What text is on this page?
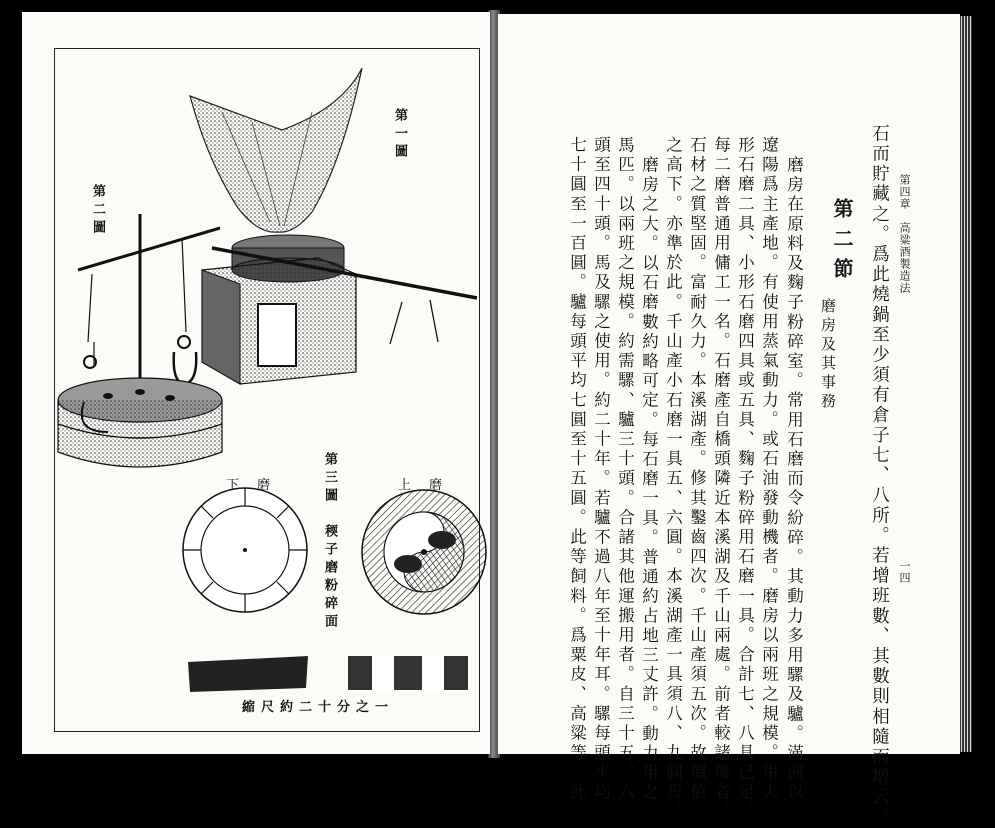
第一圖
第二圖
第三圖　稬子磨粉碎面	上磨
下磨
縮尺約二十分之一
第四章　高粱酒製造法
一四
石而貯藏之。爲此燒鍋至少須有倉子七、八所。若增班數、其數則相隨而增云。
第二節
磨房及其事務
磨房在原料及麴子粉碎室。常用石磨而令紛碎。其動力多用騾及驢。滿洲以
遼陽爲主產地。有使用蒸氣動力。或石油發動機者。磨房以兩班之規模。用大
形石磨二具、小形石磨四具或五具、麴子粉碎用石磨一具。合計七、八具已足。
每二磨普通用傭工一名。石磨產自橋頭隣近本溪湖及千山兩處。前者較諸後者。
石材之質堅固。富耐久力。本溪湖產。修其鑿齒四次。千山產須五次。故價値
之高下。亦準於此。千山產小石磨一具五、六圓。本溪湖產一具須八、九圓焉。
磨房之大。以石磨數約略可定。每石磨一具。普通約占地三丈許。動力用之
馬匹。以兩班之規模。約需騾、驢三十頭。合諸其他運搬用者。自三十五、六
頭至四十頭。馬及騾之使用。約二十年。若驢不過八年至十年耳。騾每頭平均
七十圓至一百圓。驢每頭平均七圓至十五圓。此等飼料。爲粟皮、高粱等。此
